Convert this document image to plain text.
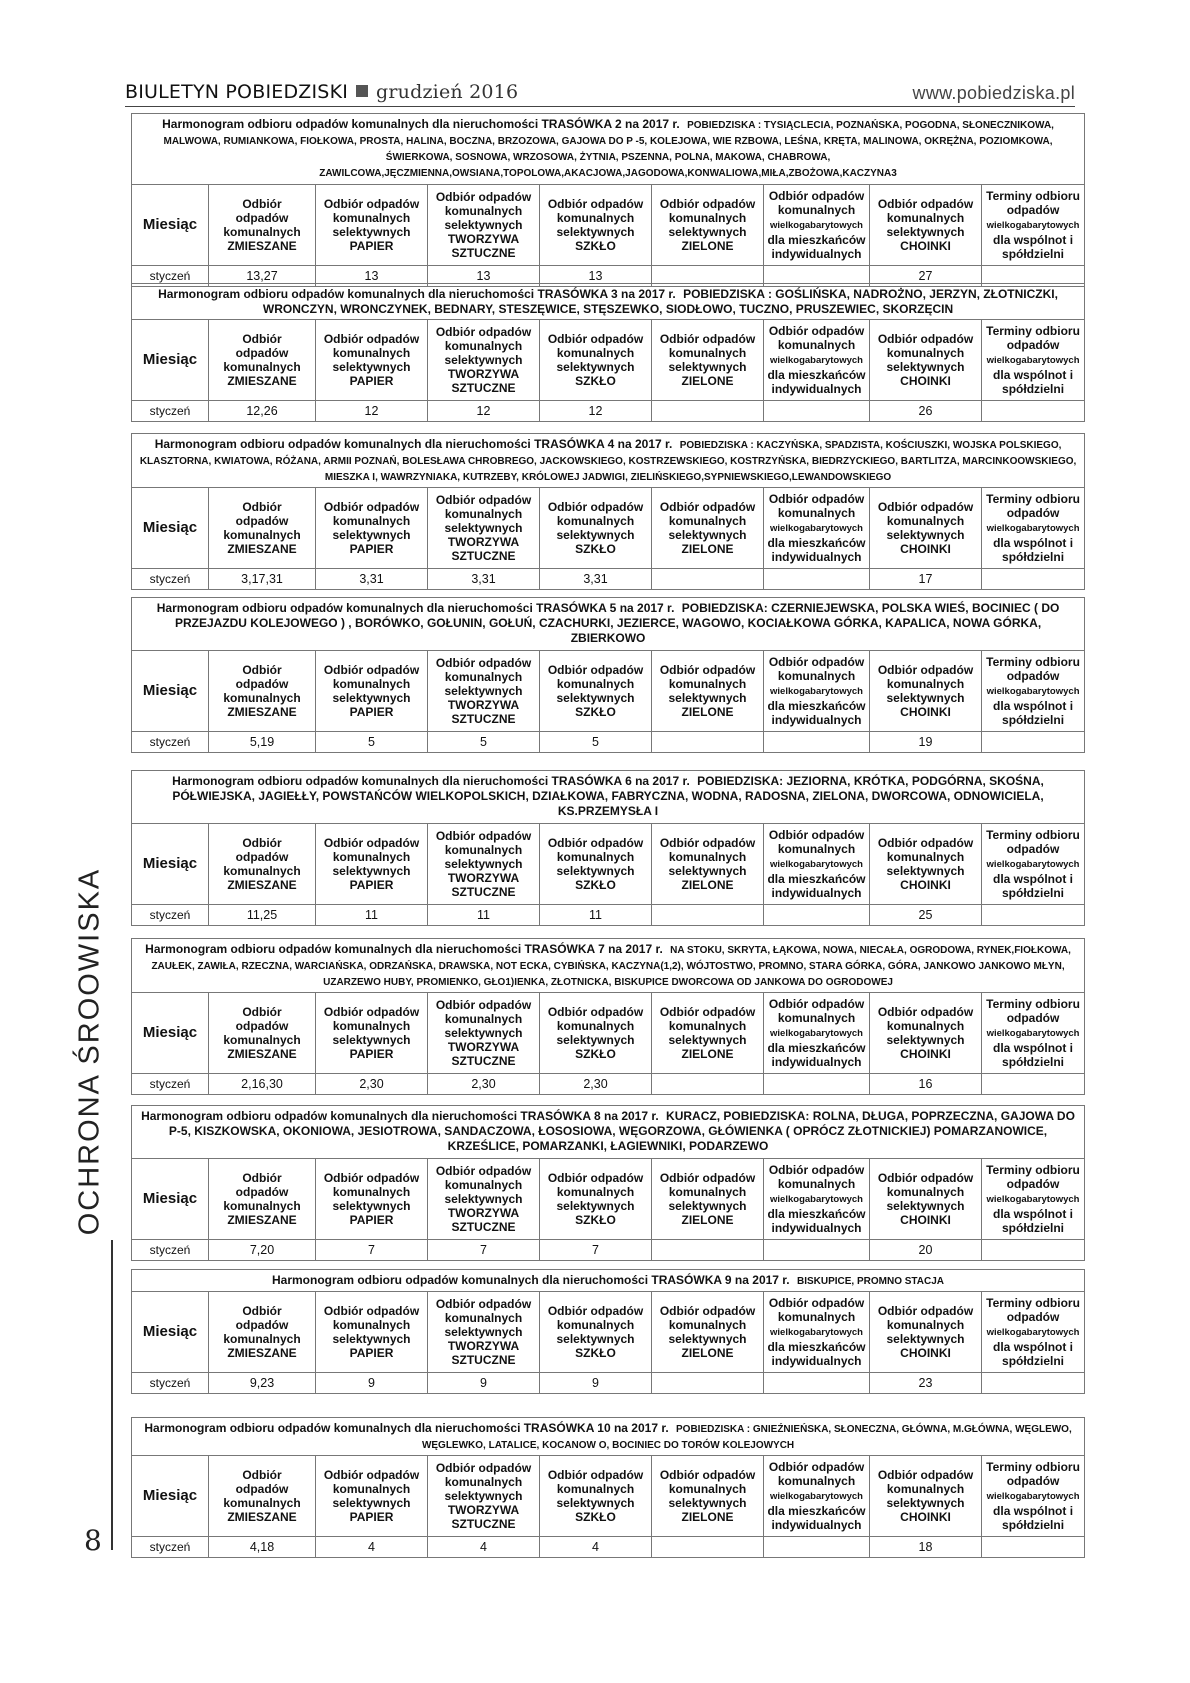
BIULETYN POBIEDZISKI grudzień 2016	www.pobiedziska.pl
OCHRONA ŚROOWISKA
8
Harmonogram odbioru odpadów komunalnych dla nieruchomości TRASÓWKA 2 na 2017 r. POBIEDZISKA : TYSIĄCLECIA, POZNAŃSKA, POGODNA, SŁONECZNIKOWA, MALWOWA, RUMIANKOWA, FIOŁKOWA, PROSTA, HALINA, BOCZNA, BRZOZOWA, GAJOWA DO P -5, KOLEJOWA, WIE RZBOWA, LEŚNA, KRĘTA, MALINOWA, OKRĘŻNA, POZIOMKOWA, ŚWIERKOWA, SOSNOWA, WRZOSOWA, ŻYTNIA, PSZENNA, POLNA, MAKOWA, CHABROWA, ZAWILCOWA,JĘCZMIENNA,OWSIANA,TOPOLOWA,AKACJOWA,JAGODOWA,KONWALIOWA,MIŁA,ZBOŻOWA,KACZYNA3								

Miesiąc	Odbiór
odpadów
komunalnych
ZMIESZANE	Odbiór odpadów
komunalnych
selektywnych
PAPIER	Odbiór odpadów
komunalnych
selektywnych
TWORZYWA
SZTUCZNE	Odbiór odpadów
komunalnych
selektywnych
SZKŁO	Odbiór odpadów
komunalnych
selektywnych
ZIELONE	Odbiór odpadów
komunalnych
wielkogabarytowych
dla mieszkańców
indywidualnych	Odbiór odpadów
komunalnych
selektywnych
CHOINKI	Terminy odbioru
odpadów
wielkogabarytowych
dla wspólnot i
spółdzielni

styczeń	13,27	13	13	13			27	
Harmonogram odbioru odpadów komunalnych dla nieruchomości TRASÓWKA 3 na 2017 r. POBIEDZISKA : GOŚLIŃSKA, NADROŻNO, JERZYN, ZŁOTNICZKI, WRONCZYN, WRONCZYNEK, BEDNARY, STESZĘWICE, STĘSZEWKO, SIODŁOWO, TUCZNO, PRUSZEWIEC, SKORZĘCIN								

Miesiąc	Odbiór
odpadów
komunalnych
ZMIESZANE	Odbiór odpadów
komunalnych
selektywnych
PAPIER	Odbiór odpadów
komunalnych
selektywnych
TWORZYWA
SZTUCZNE	Odbiór odpadów
komunalnych
selektywnych
SZKŁO	Odbiór odpadów
komunalnych
selektywnych
ZIELONE	Odbiór odpadów
komunalnych
wielkogabarytowych
dla mieszkańców
indywidualnych	Odbiór odpadów
komunalnych
selektywnych
CHOINKI	Terminy odbioru
odpadów
wielkogabarytowych
dla wspólnot i
spółdzielni

styczeń	12,26	12	12	12			26	
Harmonogram odbioru odpadów komunalnych dla nieruchomości TRASÓWKA 4 na 2017 r. POBIEDZISKA : KACZYŃSKA, SPADZISTA, KOŚCIUSZKI, WOJSKA POLSKIEGO, KLASZTORNA, KWIATOWA, RÓŻANA, ARMII POZNAŃ, BOLESŁAWA CHROBREGO, JACKOWSKIEGO, KOSTRZEWSKIEGO, KOSTRZYŃSKA, BIEDRZYCKIEGO, BARTLITZA, MARCINKOOWSKIEGO, MIESZKA I, WAWRZYNIAKA, KUTRZEBY, KRÓLOWEJ JADWIGI, ZIELIŃSKIEGO,SYPNIEWSKIEGO,LEWANDOWSKIEGO								

Miesiąc	Odbiór
odpadów
komunalnych
ZMIESZANE	Odbiór odpadów
komunalnych
selektywnych
PAPIER	Odbiór odpadów
komunalnych
selektywnych
TWORZYWA
SZTUCZNE	Odbiór odpadów
komunalnych
selektywnych
SZKŁO	Odbiór odpadów
komunalnych
selektywnych
ZIELONE	Odbiór odpadów
komunalnych
wielkogabarytowych
dla mieszkańców
indywidualnych	Odbiór odpadów
komunalnych
selektywnych
CHOINKI	Terminy odbioru
odpadów
wielkogabarytowych
dla wspólnot i
spółdzielni

styczeń	3,17,31	3,31	3,31	3,31			17	
Harmonogram odbioru odpadów komunalnych dla nieruchomości TRASÓWKA 5 na 2017 r. POBIEDZISKA: CZERNIEJEWSKA, POLSKA WIEŚ, BOCINIEC ( DO PRZEJAZDU KOLEJOWEGO ) , BORÓWKO, GOŁUNIN, GOŁUŃ, CZACHURKI, JEZIERCE, WAGOWO, KOCIAŁKOWA GÓRKA, KAPALICA, NOWA GÓRKA, ZBIERKOWO								

Miesiąc	Odbiór
odpadów
komunalnych
ZMIESZANE	Odbiór odpadów
komunalnych
selektywnych
PAPIER	Odbiór odpadów
komunalnych
selektywnych
TWORZYWA
SZTUCZNE	Odbiór odpadów
komunalnych
selektywnych
SZKŁO	Odbiór odpadów
komunalnych
selektywnych
ZIELONE	Odbiór odpadów
komunalnych
wielkogabarytowych
dla mieszkańców
indywidualnych	Odbiór odpadów
komunalnych
selektywnych
CHOINKI	Terminy odbioru
odpadów
wielkogabarytowych
dla wspólnot i
spółdzielni

styczeń	5,19	5	5	5			19	
Harmonogram odbioru odpadów komunalnych dla nieruchomości TRASÓWKA 6 na 2017 r. POBIEDZISKA: JEZIORNA, KRÓTKA, PODGÓRNA, SKOŚNA, PÓŁWIEJSKA, JAGIEŁŁY, POWSTAŃCÓW WIELKOPOLSKICH, DZIAŁKOWA, FABRYCZNA, WODNA, RADOSNA, ZIELONA, DWORCOWA, ODNOWICIELA, KS.PRZEMYSŁA I								

Miesiąc	Odbiór
odpadów
komunalnych
ZMIESZANE	Odbiór odpadów
komunalnych
selektywnych
PAPIER	Odbiór odpadów
komunalnych
selektywnych
TWORZYWA
SZTUCZNE	Odbiór odpadów
komunalnych
selektywnych
SZKŁO	Odbiór odpadów
komunalnych
selektywnych
ZIELONE	Odbiór odpadów
komunalnych
wielkogabarytowych
dla mieszkańców
indywidualnych	Odbiór odpadów
komunalnych
selektywnych
CHOINKI	Terminy odbioru
odpadów
wielkogabarytowych
dla wspólnot i
spółdzielni

styczeń	11,25	11	11	11			25	
Harmonogram odbioru odpadów komunalnych dla nieruchomości TRASÓWKA 7 na 2017 r. NA STOKU, SKRYTA, ŁĄKOWA, NOWA, NIECAŁA, OGRODOWA, RYNEK,FIOŁKOWA, ZAUŁEK, ZAWIŁA, RZECZNA, WARCIAŃSKA, ODRZAŃSKA, DRAWSKA, NOT ECKA, CYBIŃSKA, KACZYNA(1,2), WÓJTOSTWO, PROMNO, STARA GÓRKA, GÓRA, JANKOWO JANKOWO MŁYN, UZARZEWO HUBY, PROMIENKO, GŁO1)IENKA, ZŁOTNICKA, BISKUPICE DWORCOWA OD JANKOWA DO OGRODOWEJ								

Miesiąc	Odbiór
odpadów
komunalnych
ZMIESZANE	Odbiór odpadów
komunalnych
selektywnych
PAPIER	Odbiór odpadów
komunalnych
selektywnych
TWORZYWA
SZTUCZNE	Odbiór odpadów
komunalnych
selektywnych
SZKŁO	Odbiór odpadów
komunalnych
selektywnych
ZIELONE	Odbiór odpadów
komunalnych
wielkogabarytowych
dla mieszkańców
indywidualnych	Odbiór odpadów
komunalnych
selektywnych
CHOINKI	Terminy odbioru
odpadów
wielkogabarytowych
dla wspólnot i
spółdzielni

styczeń	2,16,30	2,30	2,30	2,30			16	
Harmonogram odbioru odpadów komunalnych dla nieruchomości TRASÓWKA 8 na 2017 r. KURACZ, POBIEDZISKA: ROLNA, DŁUGA, POPRZECZNA, GAJOWA DO P-5, KISZKOWSKA, OKONIOWA, JESIOTROWA, SANDACZOWA, ŁOSOSIOWA, WĘGORZOWA, GŁÓWIENKA ( OPRÓCZ ZŁOTNICKIEJ) POMARZANOWICE, KRZEŚLICE, POMARZANKI, ŁAGIEWNIKI, PODARZEWO								

Miesiąc	Odbiór
odpadów
komunalnych
ZMIESZANE	Odbiór odpadów
komunalnych
selektywnych
PAPIER	Odbiór odpadów
komunalnych
selektywnych
TWORZYWA
SZTUCZNE	Odbiór odpadów
komunalnych
selektywnych
SZKŁO	Odbiór odpadów
komunalnych
selektywnych
ZIELONE	Odbiór odpadów
komunalnych
wielkogabarytowych
dla mieszkańców
indywidualnych	Odbiór odpadów
komunalnych
selektywnych
CHOINKI	Terminy odbioru
odpadów
wielkogabarytowych
dla wspólnot i
spółdzielni

styczeń	7,20	7	7	7			20	
Harmonogram odbioru odpadów komunalnych dla nieruchomości TRASÓWKA 9 na 2017 r. BISKUPICE, PROMNO STACJA								

Miesiąc	Odbiór
odpadów
komunalnych
ZMIESZANE	Odbiór odpadów
komunalnych
selektywnych
PAPIER	Odbiór odpadów
komunalnych
selektywnych
TWORZYWA
SZTUCZNE	Odbiór odpadów
komunalnych
selektywnych
SZKŁO	Odbiór odpadów
komunalnych
selektywnych
ZIELONE	Odbiór odpadów
komunalnych
wielkogabarytowych
dla mieszkańców
indywidualnych	Odbiór odpadów
komunalnych
selektywnych
CHOINKI	Terminy odbioru
odpadów
wielkogabarytowych
dla wspólnot i
spółdzielni

styczeń	9,23	9	9	9			23	
Harmonogram odbioru odpadów komunalnych dla nieruchomości TRASÓWKA 10 na 2017 r. POBIEDZISKA : GNIEŹNIEŃSKA, SŁONECZNA, GŁÓWNA, M.GŁÓWNA, WĘGLEWO, WĘGLEWKO, LATALICE, KOCANOW O, BOCINIEC DO TORÓW KOLEJOWYCH								

Miesiąc	Odbiór
odpadów
komunalnych
ZMIESZANE	Odbiór odpadów
komunalnych
selektywnych
PAPIER	Odbiór odpadów
komunalnych
selektywnych
TWORZYWA
SZTUCZNE	Odbiór odpadów
komunalnych
selektywnych
SZKŁO	Odbiór odpadów
komunalnych
selektywnych
ZIELONE	Odbiór odpadów
komunalnych
wielkogabarytowych
dla mieszkańców
indywidualnych	Odbiór odpadów
komunalnych
selektywnych
CHOINKI	Terminy odbioru
odpadów
wielkogabarytowych
dla wspólnot i
spółdzielni

styczeń	4,18	4	4	4			18	
